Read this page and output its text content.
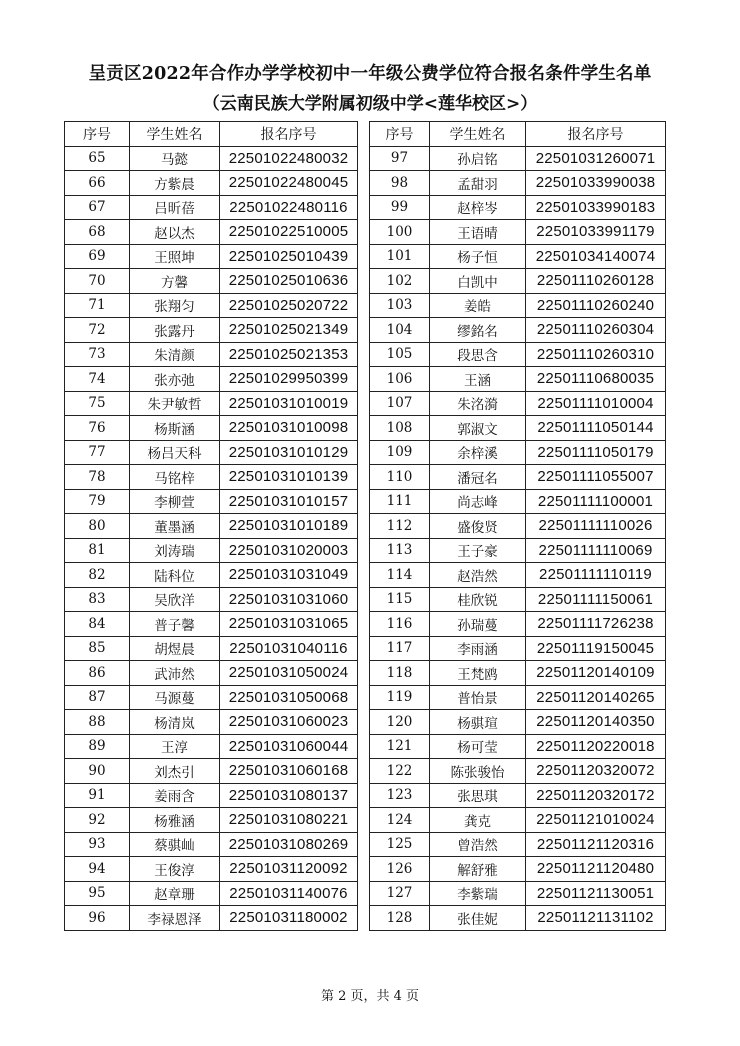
呈贡区2022年合作办学学校初中一年级公费学位符合报名条件学生名单
（云南民族大学附属初级中学<莲华校区>）
序号	学生姓名	报名序号
65	马懿	22501022480032
66	方紫晨	22501022480045
67	吕昕蓓	22501022480116
68	赵以杰	22501022510005
69	王照坤	22501025010439
70	方馨	22501025010636
71	张翔匀	22501025020722
72	张露丹	22501025021349
73	朱清颜	22501025021353
74	张亦弛	22501029950399
75	朱尹敏哲	22501031010019
76	杨斯涵	22501031010098
77	杨吕天科	22501031010129
78	马铭梓	22501031010139
79	李柳萱	22501031010157
80	董墨涵	22501031010189
81	刘涛瑞	22501031020003
82	陆科位	22501031031049
83	吴欣洋	22501031031060
84	普子馨	22501031031065
85	胡煜晨	22501031040116
86	武沛然	22501031050024
87	马源蔓	22501031050068
88	杨清岚	22501031060023
89	王淳	22501031060044
90	刘杰引	22501031060168
91	姜雨含	22501031080137
92	杨雅涵	22501031080221
93	蔡骐屾	22501031080269
94	王俊淳	22501031120092
95	赵章珊	22501031140076
96	李禄恩泽	22501031180002
序号	学生姓名	报名序号
97	孙启铭	22501031260071
98	孟甜羽	22501033990038
99	赵梓岑	22501033990183
100	王语晴	22501033991179
101	杨子恒	22501034140074
102	白凯中	22501110260128
103	姜皓	22501110260240
104	缪銘名	22501110260304
105	段思含	22501110260310
106	王涵	22501110680035
107	朱洺漪	22501111010004
108	郭淑文	22501111050144
109	余梓溪	22501111050179
110	潘冠名	22501111055007
111	尚志峰	22501111100001
112	盛俊贤	22501111110026
113	王子豪	22501111110069
114	赵浩然	22501111110119
115	桂欣锐	22501111150061
116	孙瑞蔓	22501111726238
117	李雨涵	22501119150045
118	王梵鸥	22501120140109
119	普怡景	22501120140265
120	杨骐瑄	22501120140350
121	杨可莹	22501120220018
122	陈张骏怡	22501120320072
123	张思琪	22501120320172
124	龚克	22501121010024
125	曾浩然	22501121120316
126	解舒雅	22501121120480
127	李紫瑞	22501121130051
128	张佳妮	22501121131102
第 2 页，共 4 页
